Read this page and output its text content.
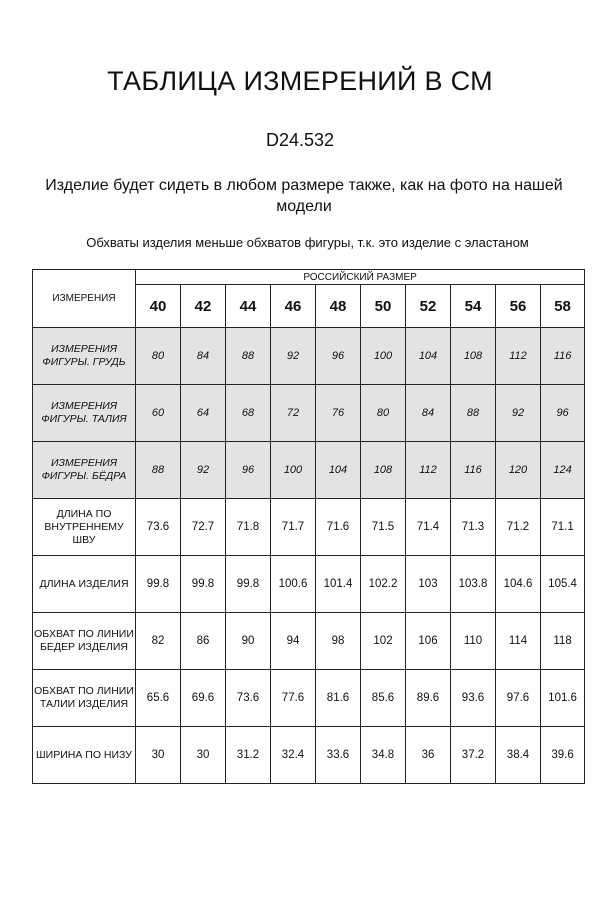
ТАБЛИЦА ИЗМЕРЕНИЙ В СМ
D24.532
Изделие будет сидеть в любом размере также, как на фото на нашей модели
Обхваты изделия меньше обхватов фигуры, т.к. это изделие с эластаном
ИЗМЕРЕНИЯ	РОССИЙСКИЙ РАЗМЕР									
	40	42	44	46	48	50	52	54	56	58
ИЗМЕРЕНИЯ ФИГУРЫ. ГРУДЬ	80	84	88	92	96	100	104	108	112	116
ИЗМЕРЕНИЯ ФИГУРЫ. ТАЛИЯ	60	64	68	72	76	80	84	88	92	96
ИЗМЕРЕНИЯ ФИГУРЫ. БЁДРА	88	92	96	100	104	108	112	116	120	124
ДЛИНА ПО ВНУТРЕННЕМУ ШВУ	73.6	72.7	71.8	71.7	71.6	71.5	71.4	71.3	71.2	71.1
ДЛИНА ИЗДЕЛИЯ	99.8	99.8	99.8	100.6	101.4	102.2	103	103.8	104.6	105.4
ОБХВАТ ПО ЛИНИИ БЕДЕР ИЗДЕЛИЯ	82	86	90	94	98	102	106	110	114	118
ОБХВАТ ПО ЛИНИИ ТАЛИИ ИЗДЕЛИЯ	65.6	69.6	73.6	77.6	81.6	85.6	89.6	93.6	97.6	101.6
ШИРИНА ПО НИЗУ	30	30	31.2	32.4	33.6	34.8	36	37.2	38.4	39.6
